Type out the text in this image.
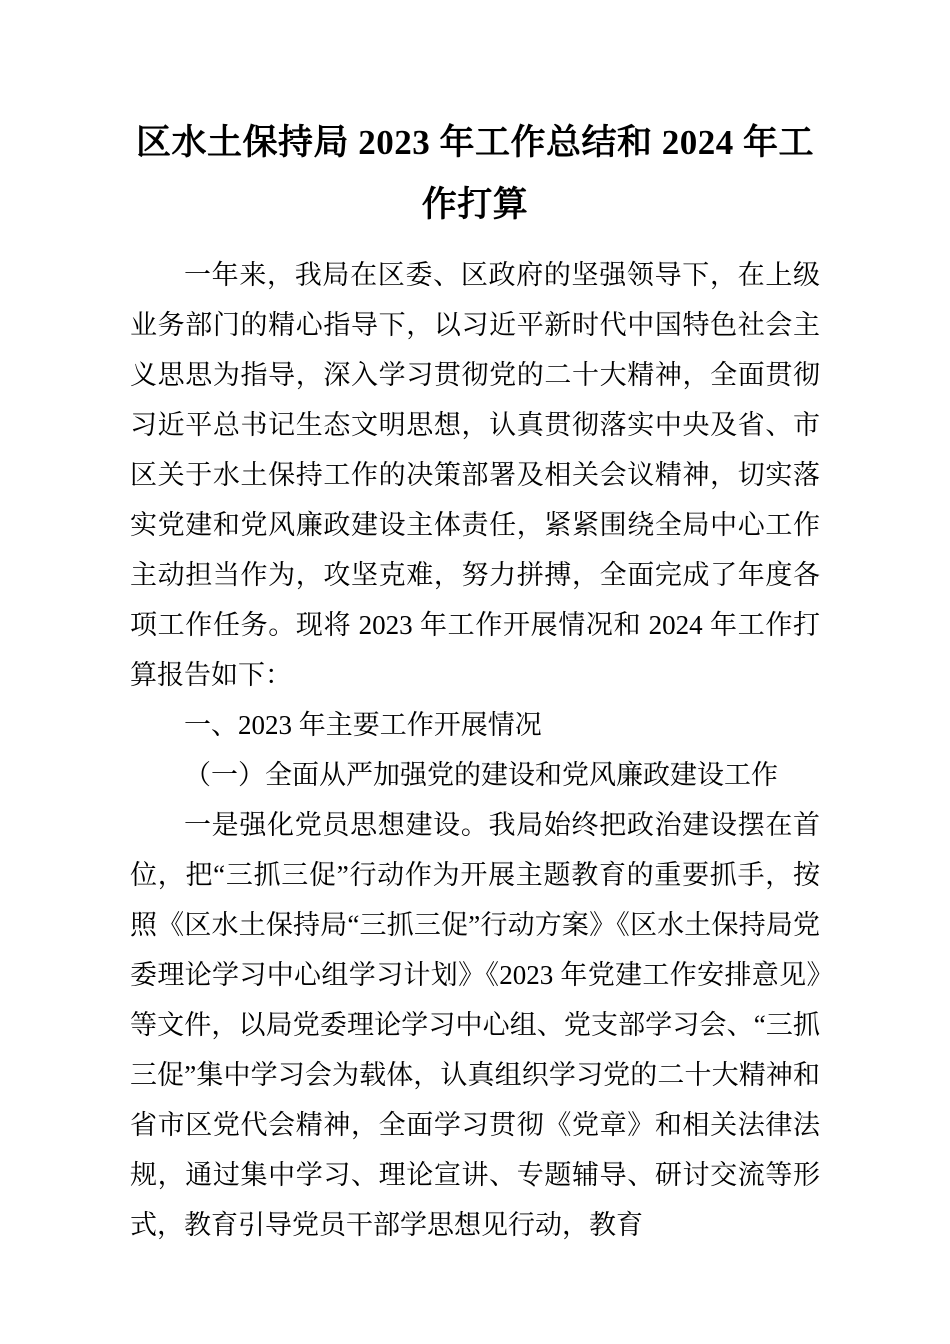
区水土保持局 2023 年工作总结和 2024 年工作打算

一年来，我局在区委、区政府的坚强领导下，在上级业务部门的精心指导下，以习近平新时代中国特色社会主义思思为指导，深入学习贯彻党的二十大精神，全面贯彻习近平总书记生态文明思想，认真贯彻落实中央及省、市区关于水土保持工作的决策部署及相关会议精神，切实落实党建和党风廉政建设主体责任，紧紧围绕全局中心工作主动担当作为，攻坚克难，努力拼搏，全面完成了年度各项工作任务。现将 2023 年工作开展情况和 2024 年工作打算报告如下：

一、2023 年主要工作开展情况

（一）全面从严加强党的建设和党风廉政建设工作

一是强化党员思想建设。我局始终把政治建设摆在首位，把“三抓三促”行动作为开展主题教育的重要抓手，按照《区水土保持局“三抓三促”行动方案》《区水土保持局党委理论学习中心组学习计划》《2023 年党建工作安排意见》等文件，以局党委理论学习中心组、党支部学习会、“三抓三促”集中学习会为载体，认真组织学习党的二十大精神和省市区党代会精神，全面学习贯彻《党章》和相关法律法规，通过集中学习、理论宣讲、专题辅导、研讨交流等形式，教育引导党员干部学思想见行动，教育
